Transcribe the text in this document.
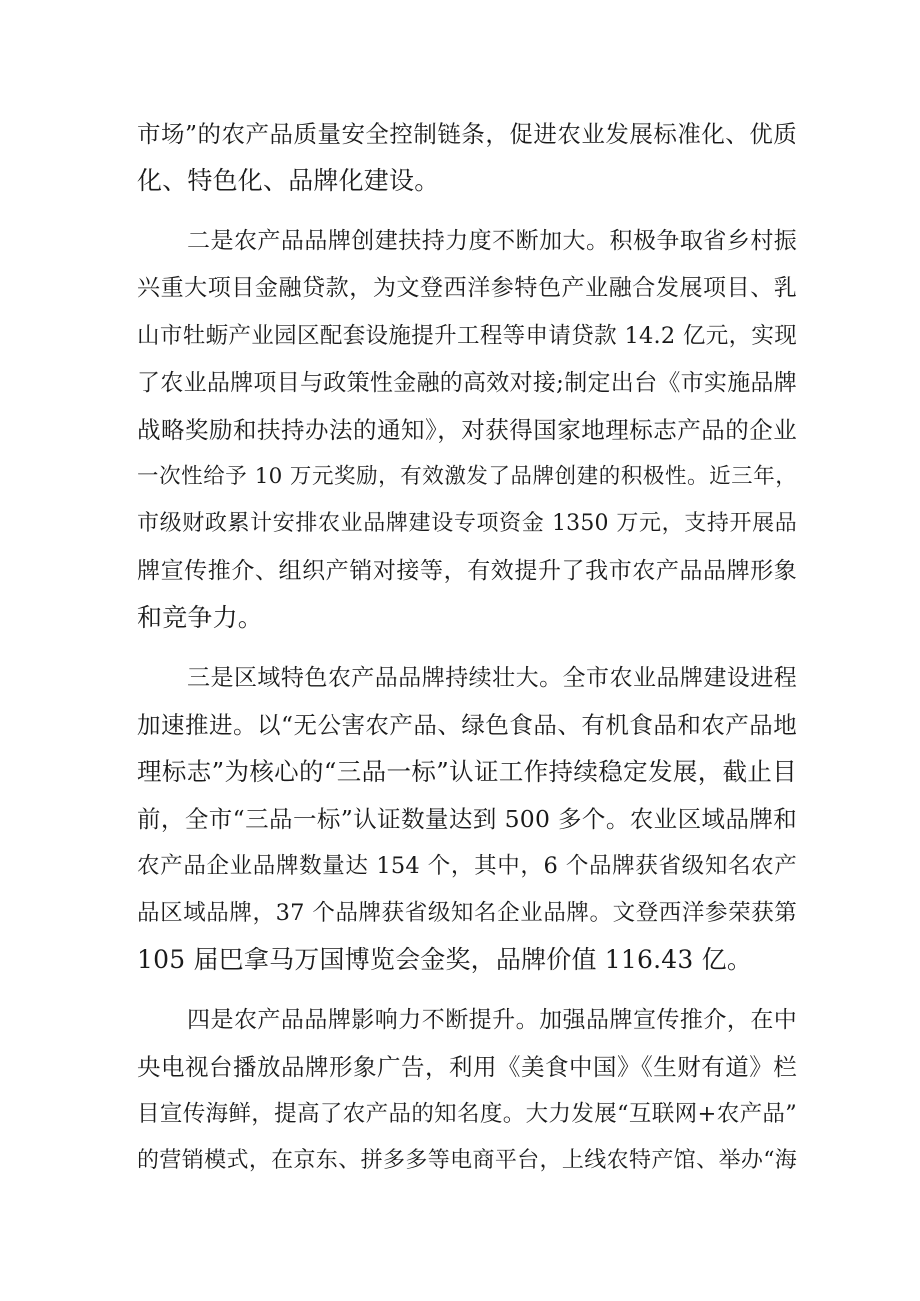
市场”的农产品质量安全控制链条，促进农业发展标准化、优质
化、特色化、品牌化建设。
二是农产品品牌创建扶持力度不断加大。积极争取省乡村振
兴重大项目金融贷款，为文登西洋参特色产业融合发展项目、乳
山市牡蛎产业园区配套设施提升工程等申请贷款 14.2 亿元，实现
了农业品牌项目与政策性金融的高效对接;制定出台《市实施品牌
战略奖励和扶持办法的通知》，对获得国家地理标志产品的企业
一次性给予 10 万元奖励，有效激发了品牌创建的积极性。近三年，
市级财政累计安排农业品牌建设专项资金 1350 万元，支持开展品
牌宣传推介、组织产销对接等，有效提升了我市农产品品牌形象
和竞争力。
三是区域特色农产品品牌持续壮大。全市农业品牌建设进程
加速推进。以“无公害农产品、绿色食品、有机食品和农产品地
理标志”为核心的“三品一标”认证工作持续稳定发展，截止目
前，全市“三品一标”认证数量达到 500 多个。农业区域品牌和
农产品企业品牌数量达 154 个，其中，6 个品牌获省级知名农产
品区域品牌，37 个品牌获省级知名企业品牌。文登西洋参荣获第
105 届巴拿马万国博览会金奖，品牌价值 116.43 亿。
四是农产品品牌影响力不断提升。加强品牌宣传推介，在中
央电视台播放品牌形象广告，利用《美食中国》《生财有道》栏
目宣传海鲜，提高了农产品的知名度。大力发展“互联网+农产品”
的营销模式，在京东、拼多多等电商平台，上线农特产馆、举办“海
